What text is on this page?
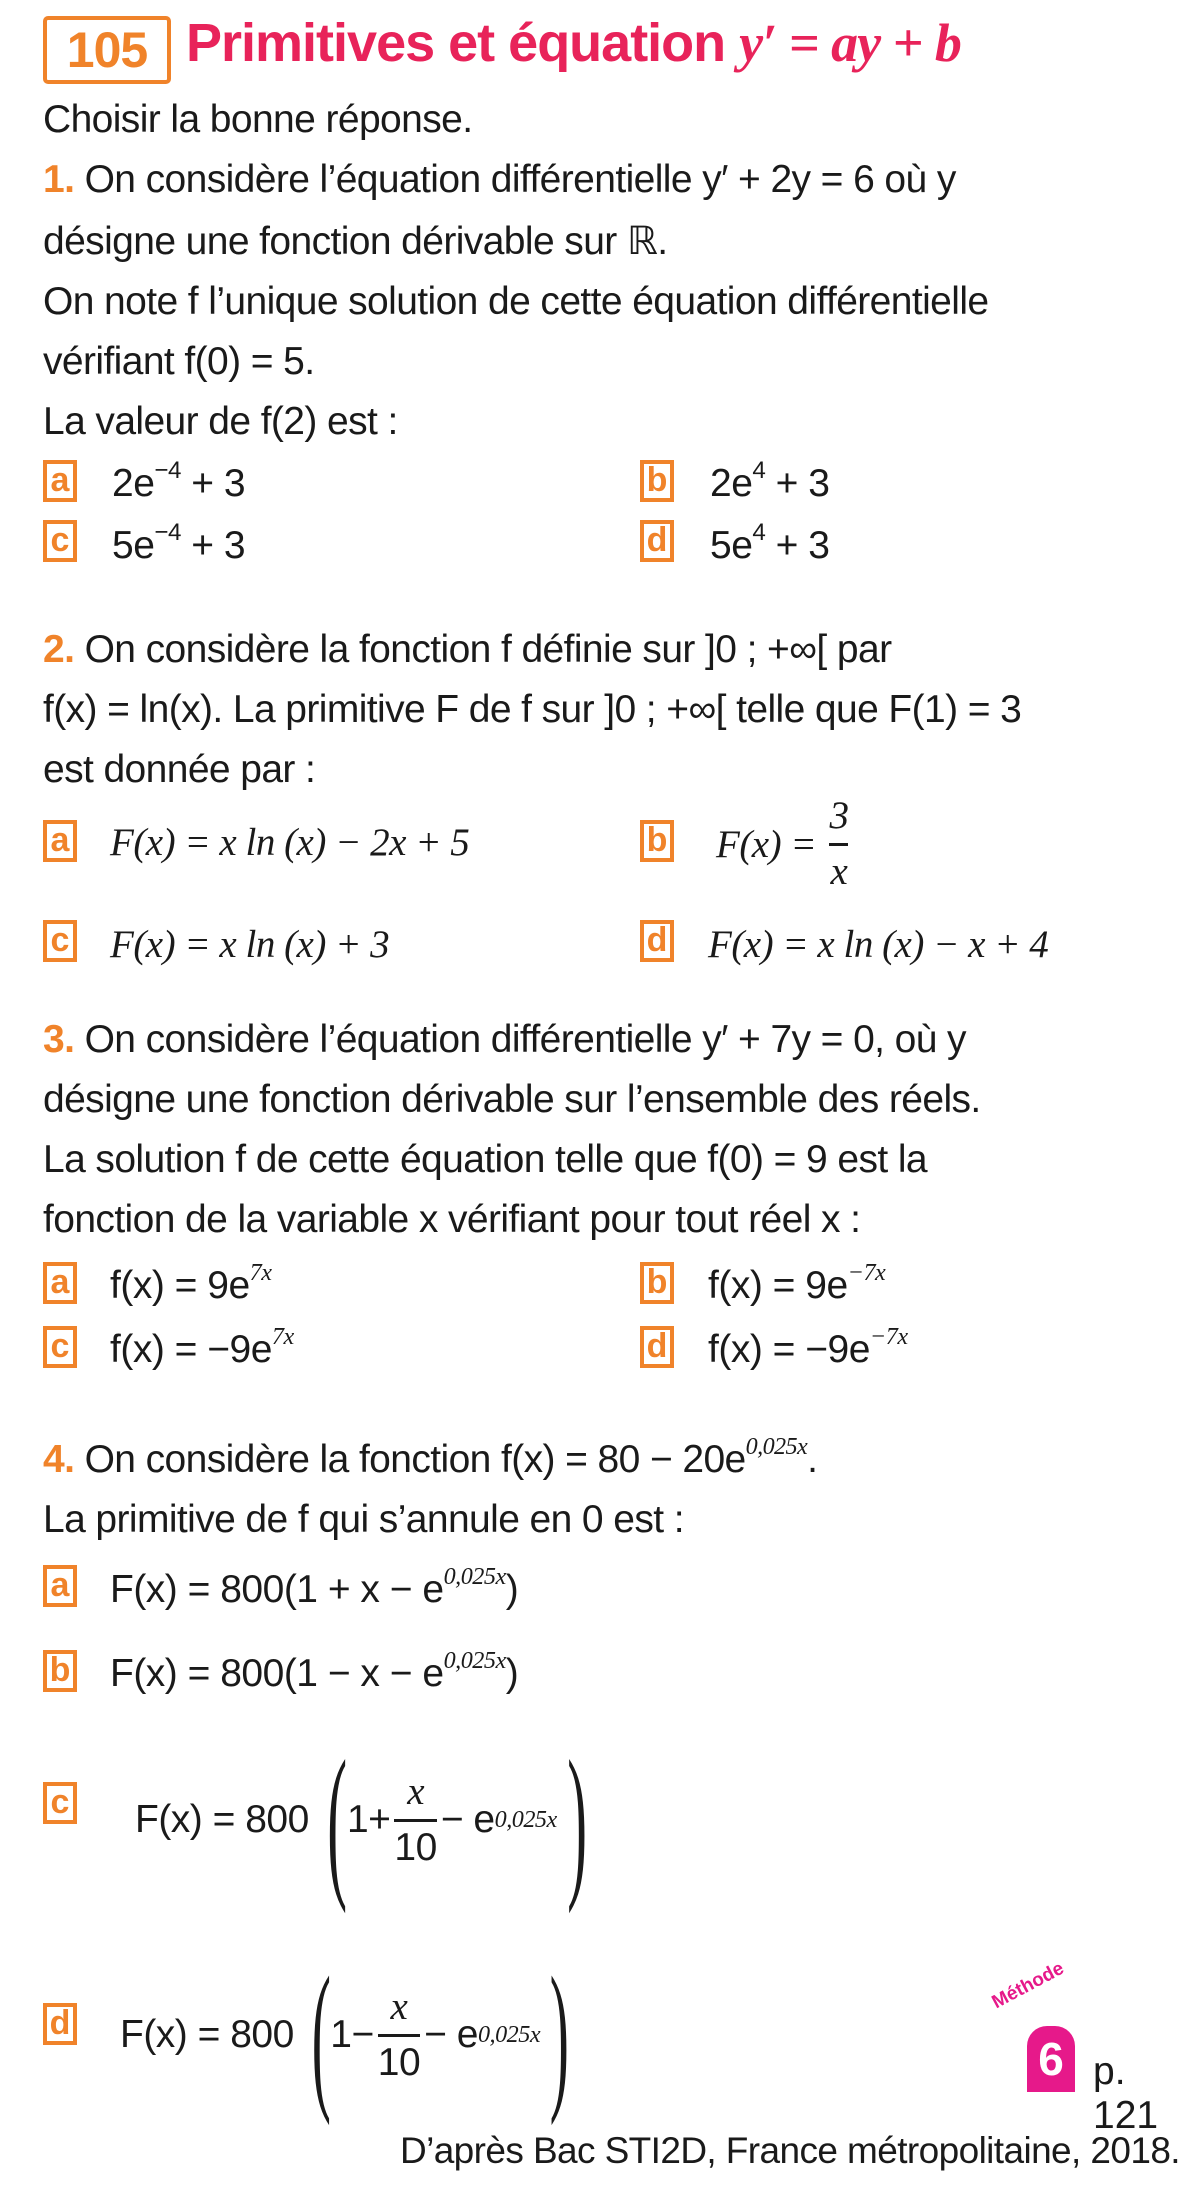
105 Primitives et équation y′ = ay + b
Choisir la bonne réponse.
1. On considère l’équation différentielle y′ + 2y = 6 où y
désigne une fonction dérivable sur ℝ.
On note f l’unique solution de cette équation différentielle
vérifiant f(0) = 5.
La valeur de f(2) est :
a $2e^{-4} + 3$	b $2e^4 + 3$
c $5e^{-4} + 3$	d $5e^4 + 3$
2. On considère la fonction f définie sur ]0 ; +∞[ par
f(x) = ln(x). La primitive F de f sur ]0 ; +∞[ telle que F(1) = 3
est donnée par :
a F(x) = x ln (x) − 2x + 5	b $F(x) = \frac{3}{x}$
c F(x) = x ln (x) + 3	d F(x) = x ln (x) − x + 4
3. On considère l’équation différentielle y′ + 7y = 0, où y
désigne une fonction dérivable sur l’ensemble des réels.
La solution f de cette équation telle que f(0) = 9 est la
fonction de la variable x vérifiant pour tout réel x :
a $f(x) = 9e^{7x}$	b $f(x) = 9e^{-7x}$
c $f(x) = -9e^{7x}$	d $f(x) = -9e^{-7x}$
4. On considère la fonction $f(x) = 80 - 20e^{0,025x}$.
La primitive de f qui s’annule en 0 est :
a $F(x) = 800(1 + x - e^{0,025x})$
b $F(x) = 800(1 - x - e^{0,025x})$
c F(x) = 800 ( $1+ \frac{x}{10} - e$ 0,025x )
d F(x) = 800 ( $1- \frac{x}{10} - e$ 0,025x )	Méthode
6 p. 121
D’après Bac STI2D, France métropolitaine, 2018.
